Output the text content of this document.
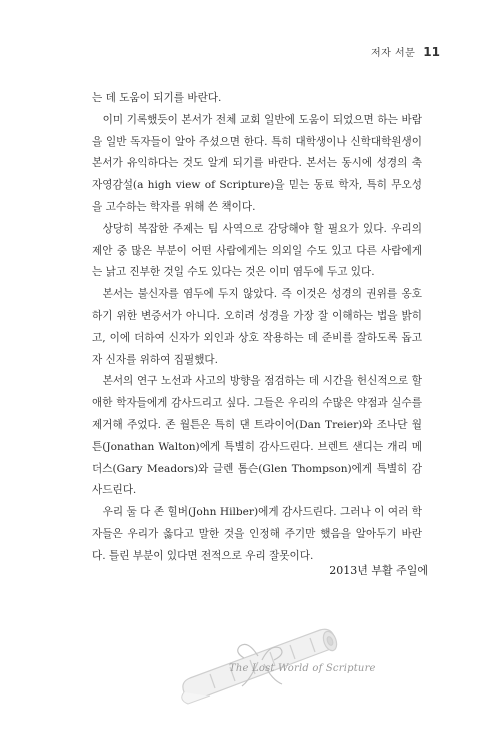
저자 서문 11

는 데 도움이 되기를 바란다.

이미 기록했듯이 본서가 전체 교회 일반에 도움이 되었으면 하는 바람을 일반 독자들이 알아 주셨으면 한다. 특히 대학생이나 신학대학원생이 본서가 유익하다는 것도 알게 되기를 바란다. 본서는 동시에 성경의 축자영감설(a high view of Scripture)을 믿는 동료 학자, 특히 무오성을 고수하는 학자를 위해 쓴 책이다.

상당히 복잡한 주제는 팀 사역으로 감당해야 할 필요가 있다. 우리의 제안 중 많은 부분이 어떤 사람에게는 의외일 수도 있고 다른 사람에게는 낡고 진부한 것일 수도 있다는 것은 이미 염두에 두고 있다.

본서는 불신자를 염두에 두지 않았다. 즉 이것은 성경의 권위를 옹호하기 위한 변증서가 아니다. 오히려 성경을 가장 잘 이해하는 법을 밝히고, 이에 더하여 신자가 외인과 상호 작용하는 데 준비를 잘하도록 돕고자 신자를 위하여 집필했다.

본서의 연구 노선과 사고의 방향을 점검하는 데 시간을 헌신적으로 할애한 학자들에게 감사드리고 싶다. 그들은 우리의 수많은 약점과 실수를 제거해 주었다. 존 월튼은 특히 댄 트라이어(Dan Treier)와 조나단 월튼(Jonathan Walton)에게 특별히 감사드린다. 브렌트 샌디는 개리 메더스(Gary Meadors)와 글렌 톰슨(Glen Thompson)에게 특별히 감사드린다.

우리 둘 다 존 힐버(John Hilber)에게 감사드린다. 그러나 이 여러 학자들은 우리가 옳다고 말한 것을 인정해 주기만 했음을 알아두기 바란다. 틀린 부분이 있다면 전적으로 우리 잘못이다.

2013년 부활 주일에
The Lost World of Scripture
